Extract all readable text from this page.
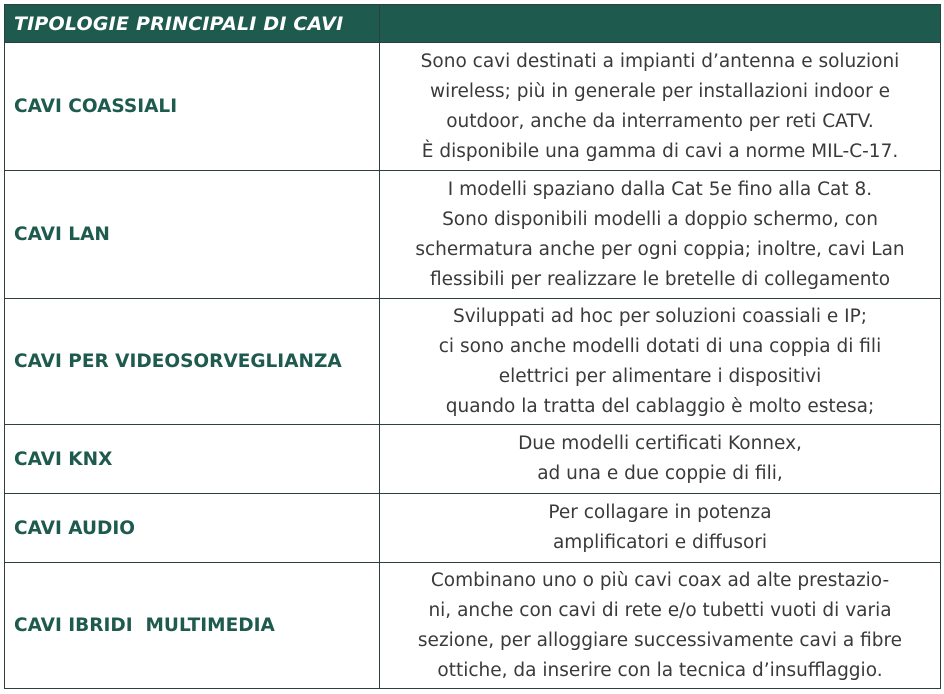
TIPOLOGIE PRINCIPALI DI CAVI	
CAVI COASSIALI	Sono cavi destinati a impianti d’antenna e soluzioni
wireless; più in generale per installazioni indoor e
outdoor, anche da interramento per reti CATV.
È disponibile una gamma di cavi a norme MIL-C-17.

CAVI LAN	I modelli spaziano dalla Cat 5e fino alla Cat 8.
Sono disponibili modelli a doppio schermo, con
schermatura anche per ogni coppia; inoltre, cavi Lan
flessibili per realizzare le bretelle di collegamento

CAVI PER VIDEOSORVEGLIANZA	Sviluppati ad hoc per soluzioni coassiali e IP;
ci sono anche modelli dotati di una coppia di fili
elettrici per alimentare i dispositivi
quando la tratta del cablaggio è molto estesa;

CAVI KNX	Due modelli certificati Konnex,
ad una e due coppie di fili,

CAVI AUDIO	Per collagare in potenza
amplificatori e diffusori

CAVI IBRIDI  MULTIMEDIA	Combinano uno o più cavi coax ad alte prestazio-
ni, anche con cavi di rete e/o tubetti vuoti di varia
sezione, per alloggiare successivamente cavi a fibre
ottiche, da inserire con la tecnica d’insufflaggio.
